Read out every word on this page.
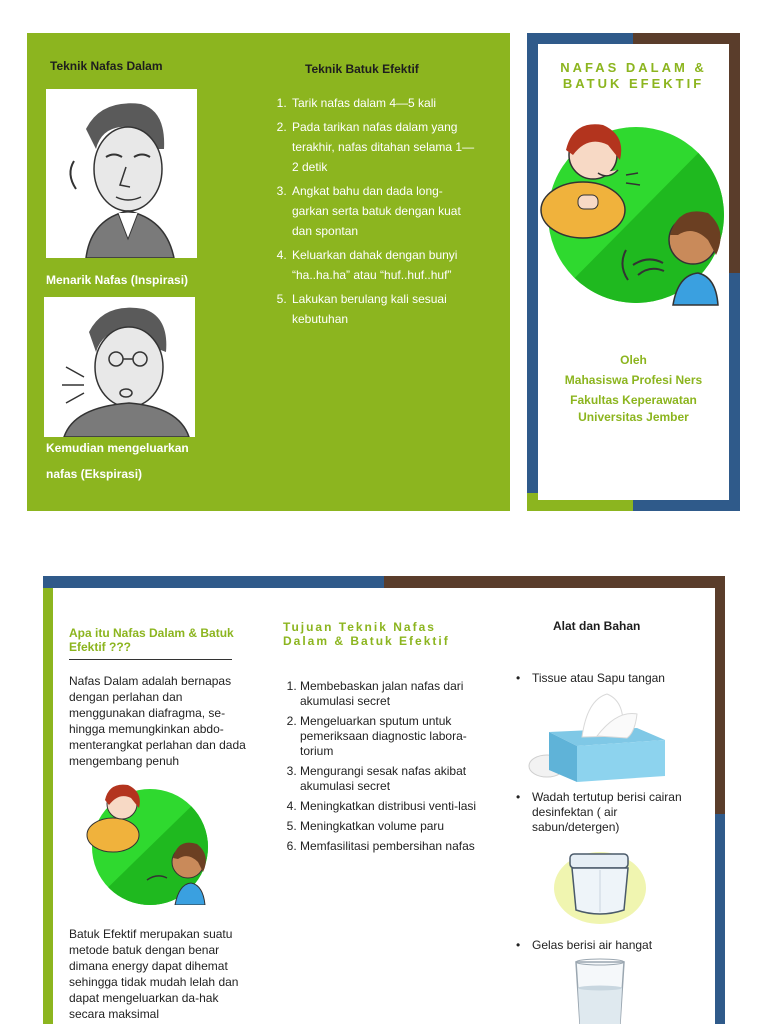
Teknik Nafas Dalam
Menarik Nafas (Inspirasi)
Kemudian mengeluarkan nafas (Ekspirasi)
Teknik Batuk Efektif
1. Tarik nafas dalam 4—5 kali
2. Pada tarikan nafas dalam yang terakhir, nafas ditahan selama 1—2 detik
3. Angkat bahu dan dada long-garkan serta batuk dengan kuat dan spontan
4. Keluarkan dahak dengan bunyi “ha..ha.ha” atau “huf..huf..huf”
5. Lakukan berulang kali sesuai kebutuhan
NAFAS DALAM &
BATUK EFEKTIF
Oleh
Mahasiswa Profesi Ners
Fakultas Keperawatan
Universitas Jember
Apa itu Nafas Dalam & Batuk Efektif ???
Nafas Dalam adalah bernapas dengan perlahan dan menggunakan diafragma, se-hingga memungkinkan abdo-menterangkat perlahan dan dada mengembang penuh
Batuk Efektif merupakan suatu metode batuk dengan benar dimana energy dapat dihemat sehingga tidak mudah lelah dan dapat mengeluarkan da-hak secara maksimal
Tujuan Teknik Nafas Dalam & Batuk Efektif
1. Membebaskan jalan nafas dari akumulasi secret
2. Mengeluarkan sputum untuk pemeriksaan diagnostic labora-torium
3. Mengurangi sesak nafas akibat akumulasi secret
4. Meningkatkan distribusi venti-lasi
5. Meningkatkan volume paru
6. Memfasilitasi pembersihan nafas
Alat dan Bahan
• Tissue atau Sapu tangan
• Wadah tertutup berisi cairan desinfektan ( air sabun/detergen)
• Gelas berisi air hangat
